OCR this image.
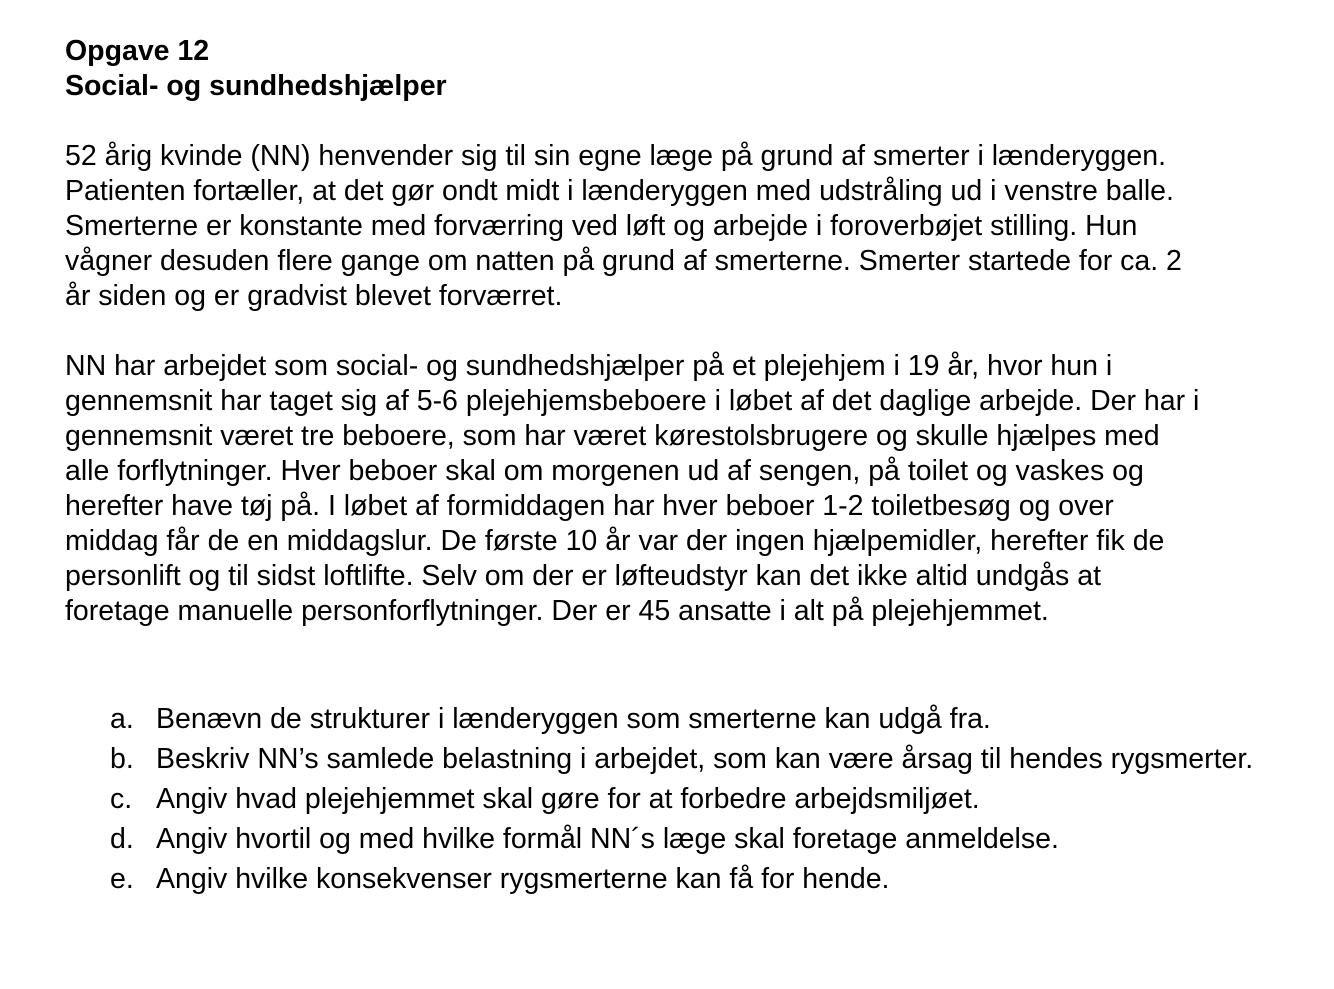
Opgave 12
Social- og sundhedshjælper

52 årig kvinde (NN) henvender sig til sin egne læge på grund af smerter i lænderyggen.
Patienten fortæller, at det gør ondt midt i lænderyggen med udstråling ud i venstre balle.
Smerterne er konstante med forværring ved løft og arbejde i foroverbøjet stilling. Hun
vågner desuden flere gange om natten på grund af smerterne. Smerter startede for ca. 2
år siden og er gradvist blevet forværret.

NN har arbejdet som social- og sundhedshjælper på et plejehjem i 19 år, hvor hun i
gennemsnit har taget sig af 5-6 plejehjemsbeboere i løbet af det daglige arbejde. Der har i
gennemsnit været tre beboere, som har været kørestolsbrugere og skulle hjælpes med
alle forflytninger. Hver beboer skal om morgenen ud af sengen, på toilet og vaskes og
herefter have tøj på. I løbet af formiddagen har hver beboer 1-2 toiletbesøg og over
middag får de en middagslur. De første 10 år var der ingen hjælpemidler, herefter fik de
personlift og til sidst loftlifte. Selv om der er løfteudstyr kan det ikke altid undgås at
foretage manuelle personforflytninger. Der er 45 ansatte i alt på plejehjemmet.

a. Benævn de strukturer i lænderyggen som smerterne kan udgå fra.
b. Beskriv NN’s samlede belastning i arbejdet, som kan være årsag til hendes rygsmerter.
c. Angiv hvad plejehjemmet skal gøre for at forbedre arbejdsmiljøet.
d. Angiv hvortil og med hvilke formål NN´s læge skal foretage anmeldelse.
e. Angiv hvilke konsekvenser rygsmerterne kan få for hende.
